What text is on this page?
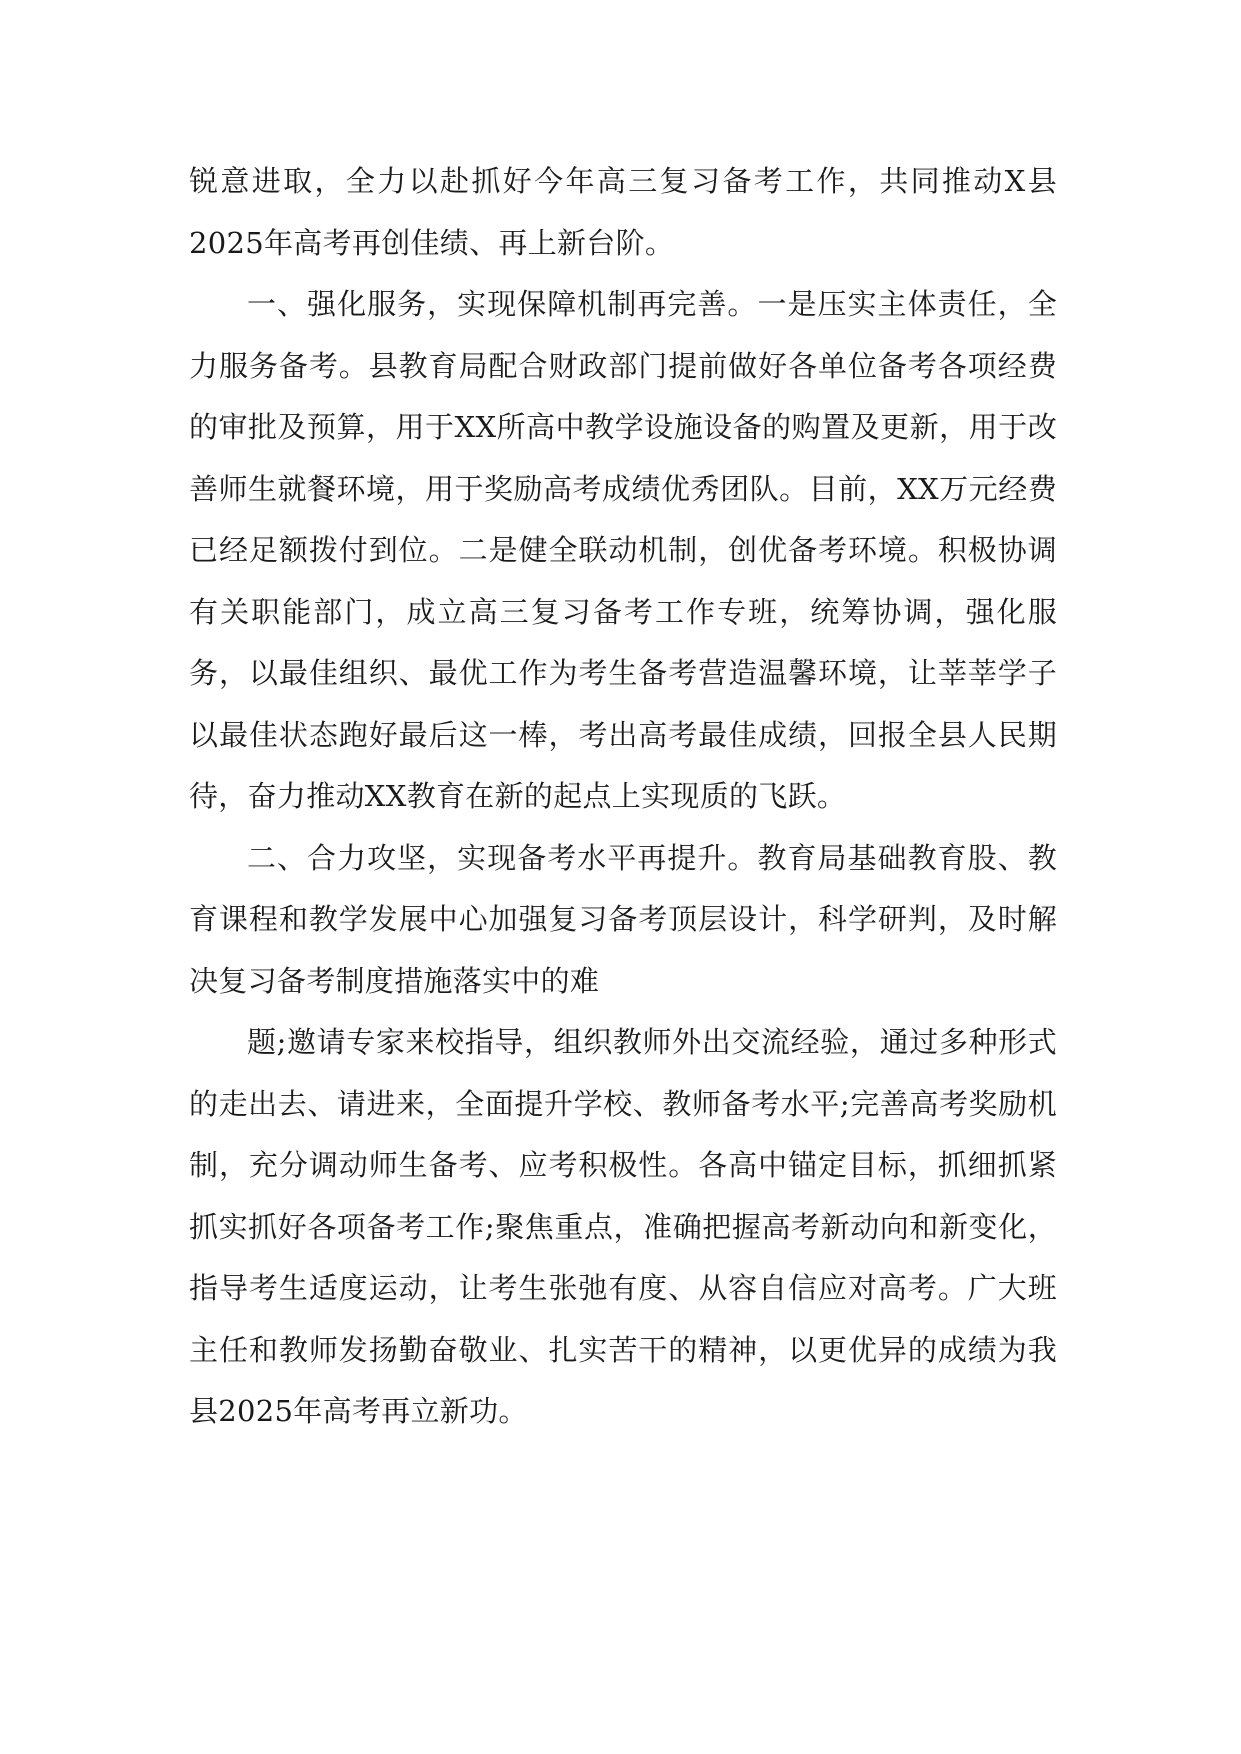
锐意进取，全力以赴抓好今年高三复习备考工作，共同推动X县2025年高考再创佳绩、再上新台阶。

一、强化服务，实现保障机制再完善。一是压实主体责任，全力服务备考。县教育局配合财政部门提前做好各单位备考各项经费的审批及预算，用于XX所高中教学设施设备的购置及更新，用于改善师生就餐环境，用于奖励高考成绩优秀团队。目前，XX万元经费已经足额拨付到位。二是健全联动机制，创优备考环境。积极协调有关职能部门，成立高三复习备考工作专班，统筹协调，强化服务，以最佳组织、最优工作为考生备考营造温馨环境，让莘莘学子以最佳状态跑好最后这一棒，考出高考最佳成绩，回报全县人民期待，奋力推动XX教育在新的起点上实现质的飞跃。

二、合力攻坚，实现备考水平再提升。教育局基础教育股、教育课程和教学发展中心加强复习备考顶层设计，科学研判，及时解决复习备考制度措施落实中的难

题;邀请专家来校指导，组织教师外出交流经验，通过多种形式的走出去、请进来，全面提升学校、教师备考水平;完善高考奖励机制，充分调动师生备考、应考积极性。各高中锚定目标，抓细抓紧抓实抓好各项备考工作;聚焦重点，准确把握高考新动向和新变化，指导考生适度运动，让考生张弛有度、从容自信应对高考。广大班主任和教师发扬勤奋敬业、扎实苦干的精神，以更优异的成绩为我县2025年高考再立新功。
